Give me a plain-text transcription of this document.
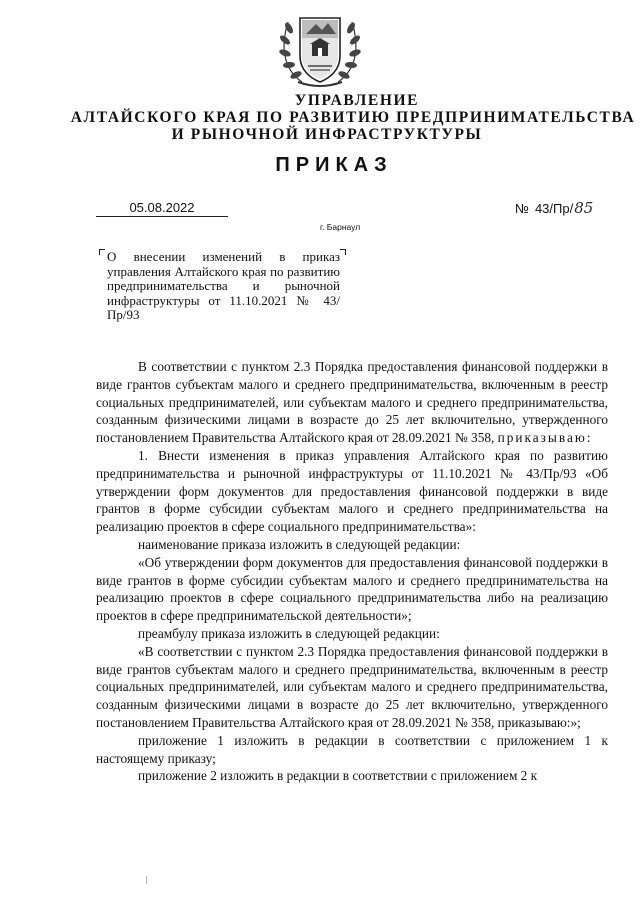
УПРАВЛЕНИЕ
АЛТАЙСКОГО КРАЯ ПО РАЗВИТИЮ ПРЕДПРИНИМАТЕЛЬСТВА
И РЫНОЧНОЙ ИНФРАСТРУКТУРЫ
ПРИКАЗ
05.08.2022	№ 43/Пр/85
г. Барнаул
О внесении изменений в приказ управления Алтайского края по развитию предпринимательства и рыночной инфраструктуры от 11.10.2021 № 43/Пр/93

В соответствии с пунктом 2.3 Порядка предоставления финансовой поддержки в виде грантов субъектам малого и среднего предпринимательства, включенным в реестр социальных предпринимателей, или субъектам малого и среднего предпринимательства, созданным физическими лицами в возрасте до 25 лет включительно, утвержденного постановлением Правительства Алтайского края от 28.09.2021 № 358, приказываю:

1. Внести изменения в приказ управления Алтайского края по развитию предпринимательства и рыночной инфраструктуры от 11.10.2021 № 43/Пр/93 «Об утверждении форм документов для предоставления финансовой поддержки в виде грантов в форме субсидии субъектам малого и среднего предпринимательства на реализацию проектов в сфере социального предпринимательства»:

наименование приказа изложить в следующей редакции:

«Об утверждении форм документов для предоставления финансовой поддержки в виде грантов в форме субсидии субъектам малого и среднего предпринимательства на реализацию проектов в сфере социального предпринимательства либо на реализацию проектов в сфере предпринимательской деятельности»;

преамбулу приказа изложить в следующей редакции:

«В соответствии с пунктом 2.3 Порядка предоставления финансовой поддержки в виде грантов субъектам малого и среднего предпринимательства, включенным в реестр социальных предпринимателей, или субъектам малого и среднего предпринимательства, созданным физическими лицами в возрасте до 25 лет включительно, утвержденного постановлением Правительства Алтайского края от 28.09.2021 № 358, приказываю:»;

приложение 1 изложить в редакции в соответствии с приложением 1 к настоящему приказу;

приложение 2 изложить в редакции в соответствии с приложением 2 к
